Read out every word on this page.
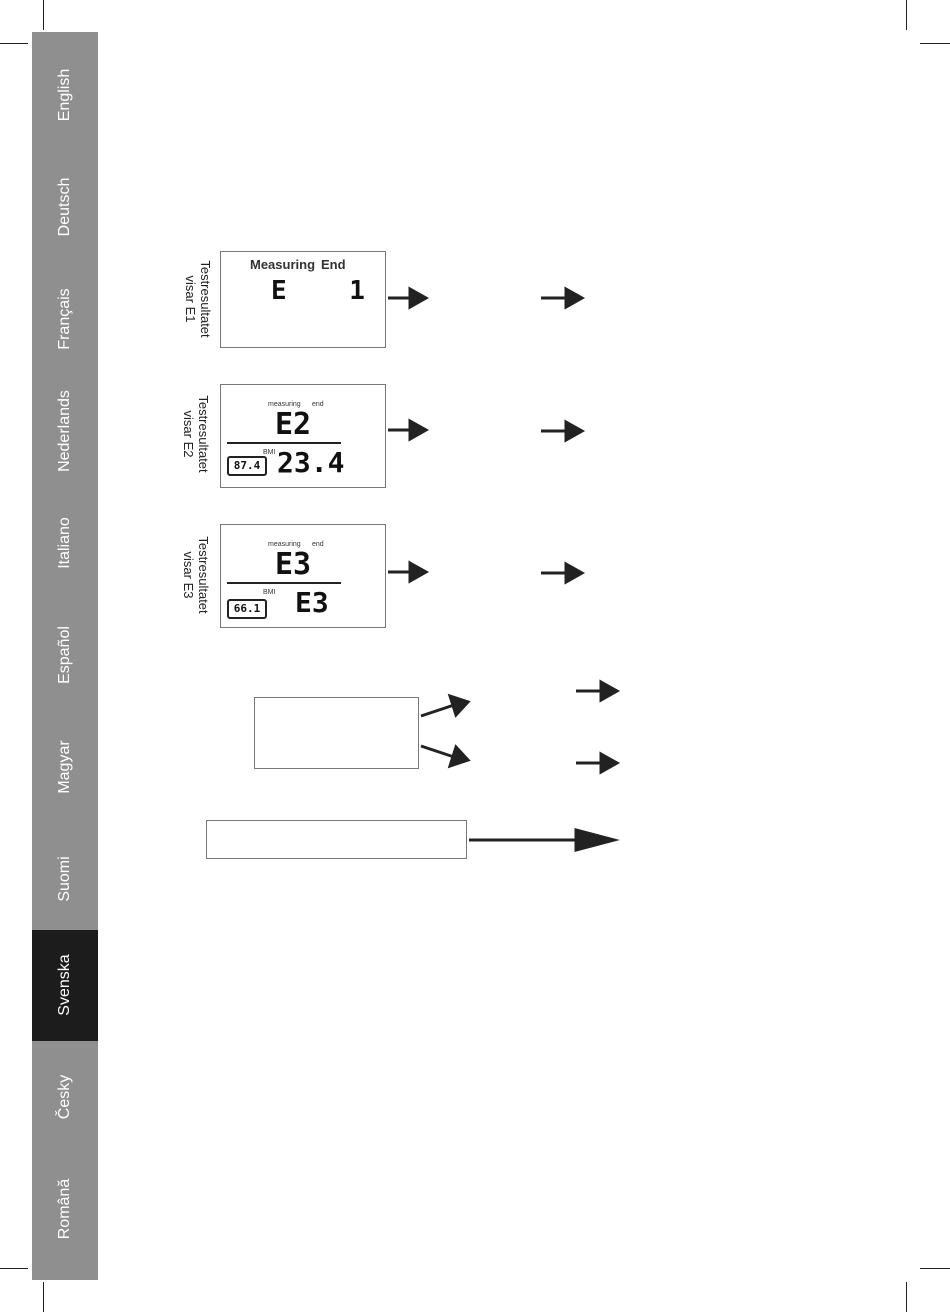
English
Deutsch
Français
Nederlands
Italiano
Español
Magyar
Suomi
Svenska
Česky
Română
Testresultatet
visar E1
Measuring End
E    1
Testresultatet
visar E2
measuring end
E2
87.4
BMI 23.4
Testresultatet
visar E3
measuring end
E3
66.1
BMI E3
